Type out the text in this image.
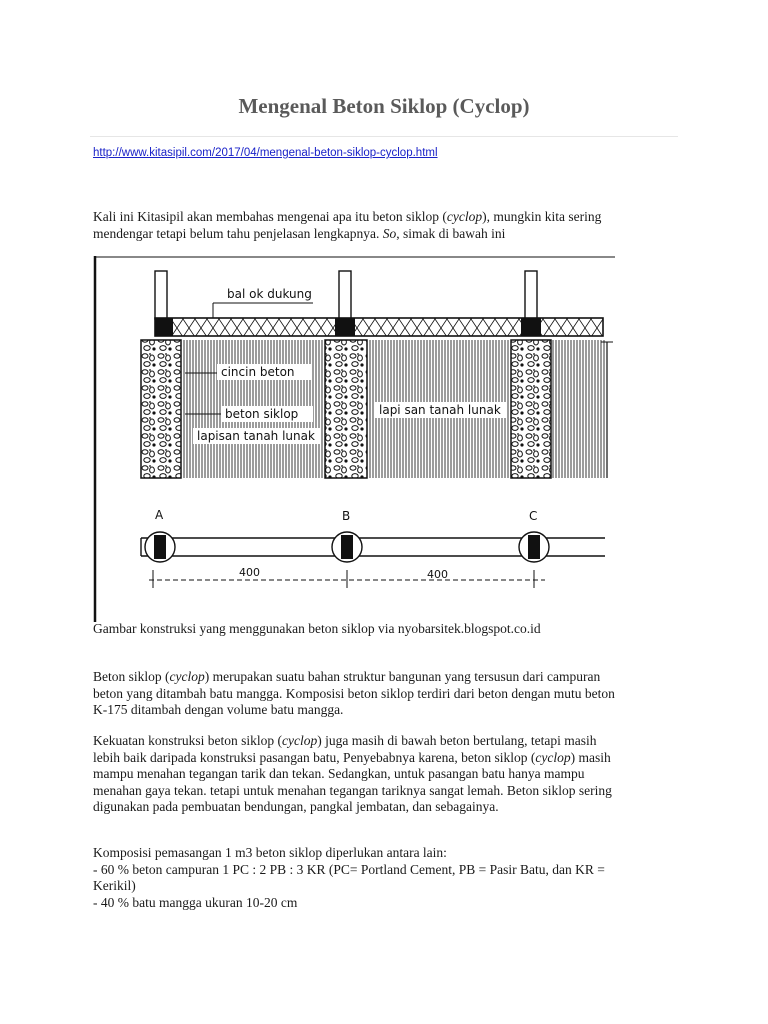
Mengenal Beton Siklop (Cyclop)
http://www.kitasipil.com/2017/04/mengenal-beton-siklop-cyclop.html

Kali ini Kitasipil akan membahas mengenai apa itu beton siklop (cyclop), mungkin kita sering
mendengar tetapi belum tahu penjelasan lengkapnya. So, simak di bawah ini

bal ok dukung
cincin beton
beton siklop
lapisan tanah lunak
lapi san tanah lunak
A	B	C
400	400

Gambar konstruksi yang menggunakan beton siklop via nyobarsitek.blogspot.co.id

Beton siklop (cyclop) merupakan suatu bahan struktur bangunan yang tersusun dari campuran
beton yang ditambah batu mangga. Komposisi beton siklop terdiri dari beton dengan mutu beton
K-175 ditambah dengan volume batu mangga.

Kekuatan konstruksi beton siklop (cyclop) juga masih di bawah beton bertulang, tetapi masih
lebih baik daripada konstruksi pasangan batu, Penyebabnya karena, beton siklop (cyclop) masih
mampu menahan tegangan tarik dan tekan. Sedangkan, untuk pasangan batu hanya mampu
menahan gaya tekan. tetapi untuk menahan tegangan tariknya sangat lemah. Beton siklop sering
digunakan pada pembuatan bendungan, pangkal jembatan, dan sebagainya.

Komposisi pemasangan 1 m3 beton siklop diperlukan antara lain:
- 60 % beton campuran 1 PC : 2 PB : 3 KR (PC= Portland Cement, PB = Pasir Batu, dan KR =
Kerikil)
- 40 % batu mangga ukuran 10-20 cm
